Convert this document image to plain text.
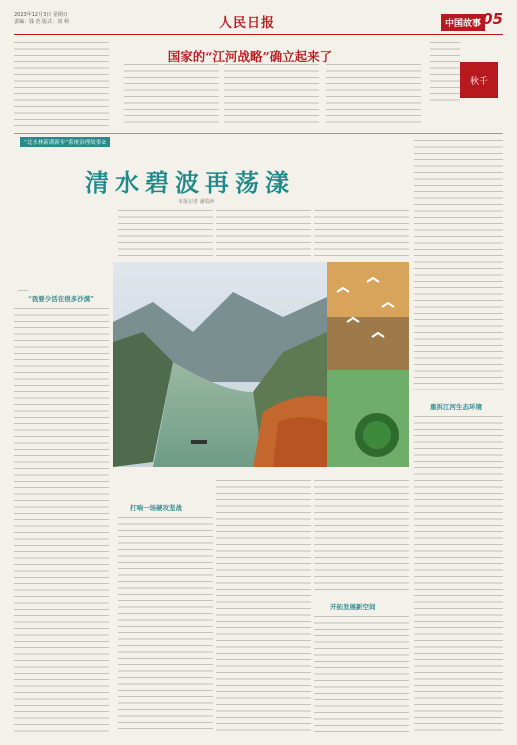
2023年12月3日 星期日
责编：钱 范 版式：刘 利	人民日报	中国故事 05
国家的“江河战略”确立起来了
秋千
“北水林新湖新步”系统治理故事②
清水碧波再荡漾
本报记者 潘瑞萍
——
“我要少活在很多沙漠”
打响一场硬攻坚战
开拓发展新空间
重拆江河生态环境
